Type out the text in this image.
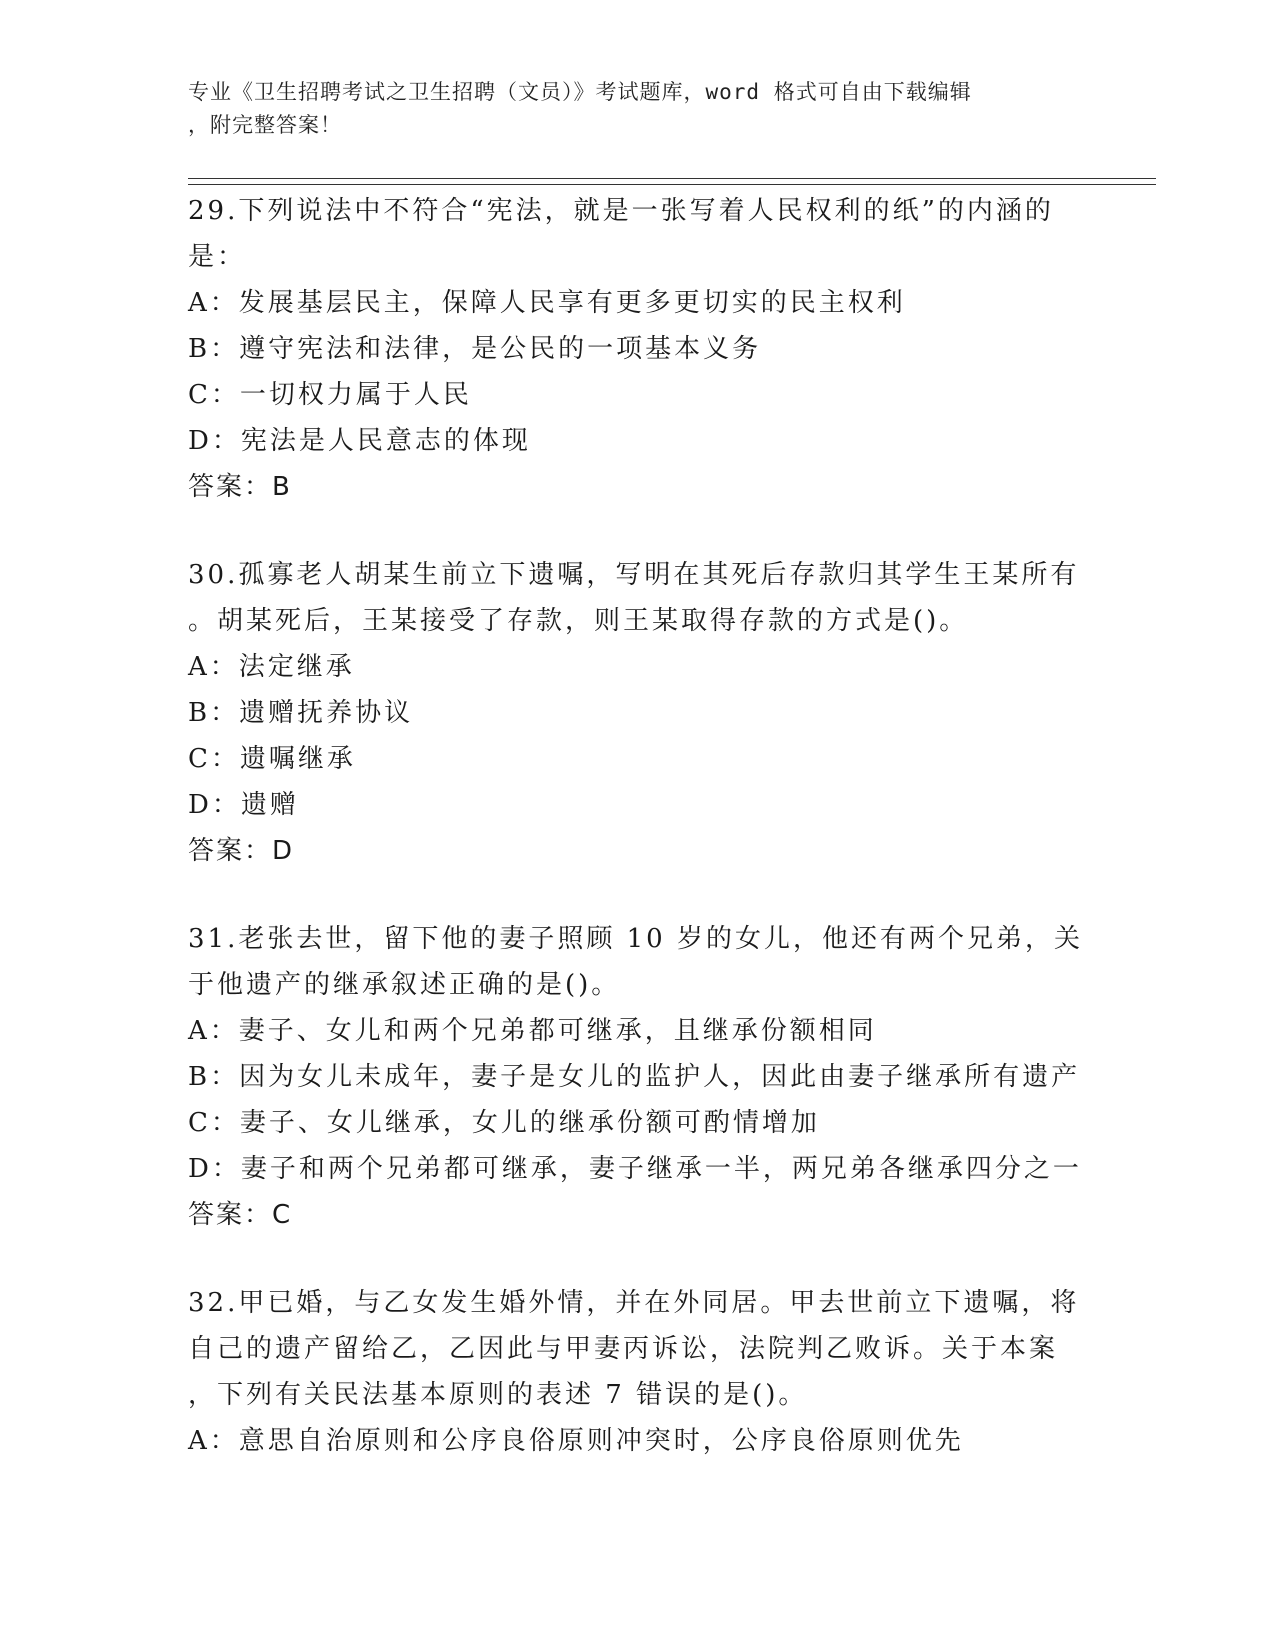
专业《卫生招聘考试之卫生招聘（文员）》考试题库，word 格式可自由下载编辑
，附完整答案！
29.下列说法中不符合“宪法，就是一张写着人民权利的纸”的内涵的
是：
A：发展基层民主，保障人民享有更多更切实的民主权利
B：遵守宪法和法律，是公民的一项基本义务
C：一切权力属于人民
D：宪法是人民意志的体现
答案：B
30.孤寡老人胡某生前立下遗嘱，写明在其死后存款归其学生王某所有
。胡某死后，王某接受了存款，则王某取得存款的方式是()。
A：法定继承
B：遗赠抚养协议
C：遗嘱继承
D：遗赠
答案：D
31.老张去世，留下他的妻子照顾 10 岁的女儿，他还有两个兄弟，关
于他遗产的继承叙述正确的是()。
A：妻子、女儿和两个兄弟都可继承，且继承份额相同
B：因为女儿未成年，妻子是女儿的监护人，因此由妻子继承所有遗产
C：妻子、女儿继承，女儿的继承份额可酌情增加
D：妻子和两个兄弟都可继承，妻子继承一半，两兄弟各继承四分之一
答案：C
32.甲已婚，与乙女发生婚外情，并在外同居。甲去世前立下遗嘱，将
自己的遗产留给乙，乙因此与甲妻丙诉讼，法院判乙败诉。关于本案
，下列有关民法基本原则的表述 7 错误的是()。
A：意思自治原则和公序良俗原则冲突时，公序良俗原则优先
